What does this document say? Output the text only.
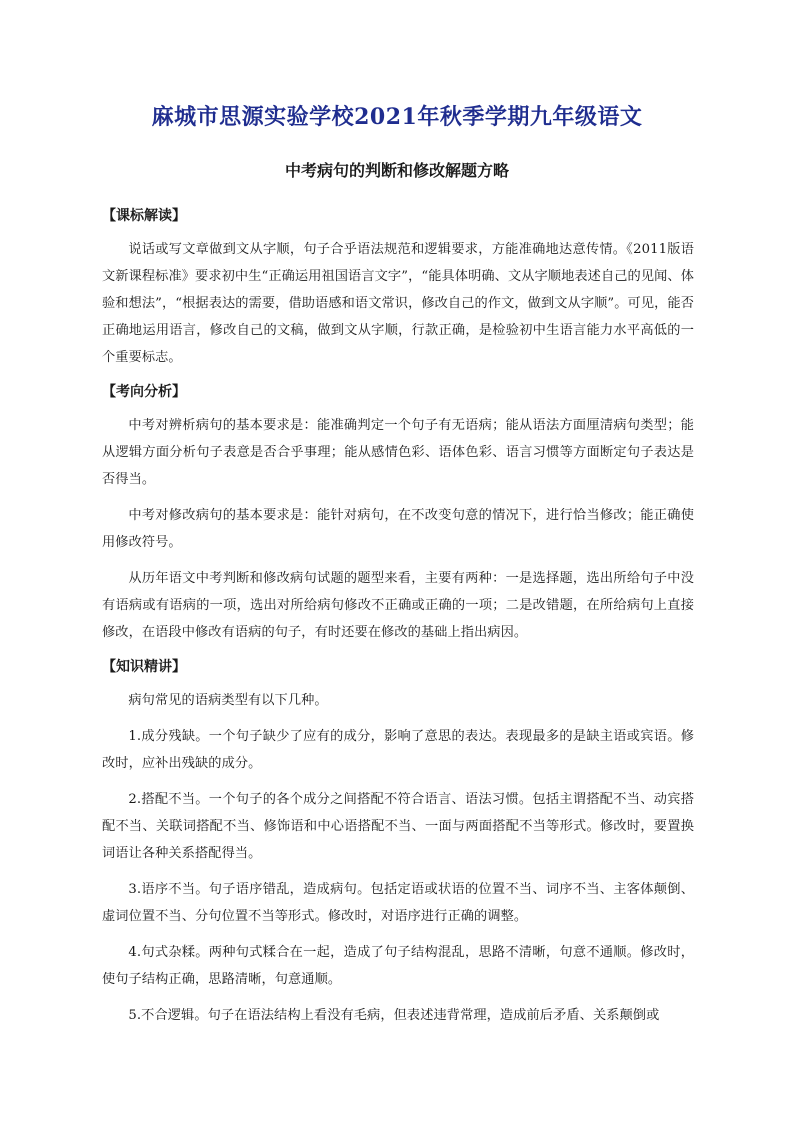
麻城市思源实验学校2021年秋季学期九年级语文
中考病句的判断和修改解题方略
【课标解读】

说话或写文章做到文从字顺，句子合乎语法规范和逻辑要求，方能准确地达意传情。《2011版语文新课程标准》要求初中生“正确运用祖国语言文字”，“能具体明确、文从字顺地表述自己的见闻、体验和想法”，“根据表达的需要，借助语感和语文常识，修改自己的作文，做到文从字顺”。可见，能否正确地运用语言，修改自己的文稿，做到文从字顺，行款正确，是检验初中生语言能力水平高低的一个重要标志。

【考向分析】

中考对辨析病句的基本要求是：能准确判定一个句子有无语病；能从语法方面厘清病句类型；能从逻辑方面分析句子表意是否合乎事理；能从感情色彩、语体色彩、语言习惯等方面断定句子表达是否得当。

中考对修改病句的基本要求是：能针对病句，在不改变句意的情况下，进行恰当修改；能正确使用修改符号。

从历年语文中考判断和修改病句试题的题型来看，主要有两种：一是选择题，选出所给句子中没有语病或有语病的一项，选出对所给病句修改不正确或正确的一项；二是改错题，在所给病句上直接修改，在语段中修改有语病的句子，有时还要在修改的基础上指出病因。

【知识精讲】

病句常见的语病类型有以下几种。

1.成分残缺。一个句子缺少了应有的成分，影响了意思的表达。表现最多的是缺主语或宾语。修改时，应补出残缺的成分。

2.搭配不当。一个句子的各个成分之间搭配不符合语言、语法习惯。包括主谓搭配不当、动宾搭配不当、关联词搭配不当、修饰语和中心语搭配不当、一面与两面搭配不当等形式。修改时，要置换词语让各种关系搭配得当。

3.语序不当。句子语序错乱，造成病句。包括定语或状语的位置不当、词序不当、主客体颠倒、虚词位置不当、分句位置不当等形式。修改时，对语序进行正确的调整。

4.句式杂糅。两种句式糅合在一起，造成了句子结构混乱，思路不清晰，句意不通顺。修改时，使句子结构正确，思路清晰，句意通顺。

5.不合逻辑。句子在语法结构上看没有毛病，但表述违背常理，造成前后矛盾、关系颠倒或
